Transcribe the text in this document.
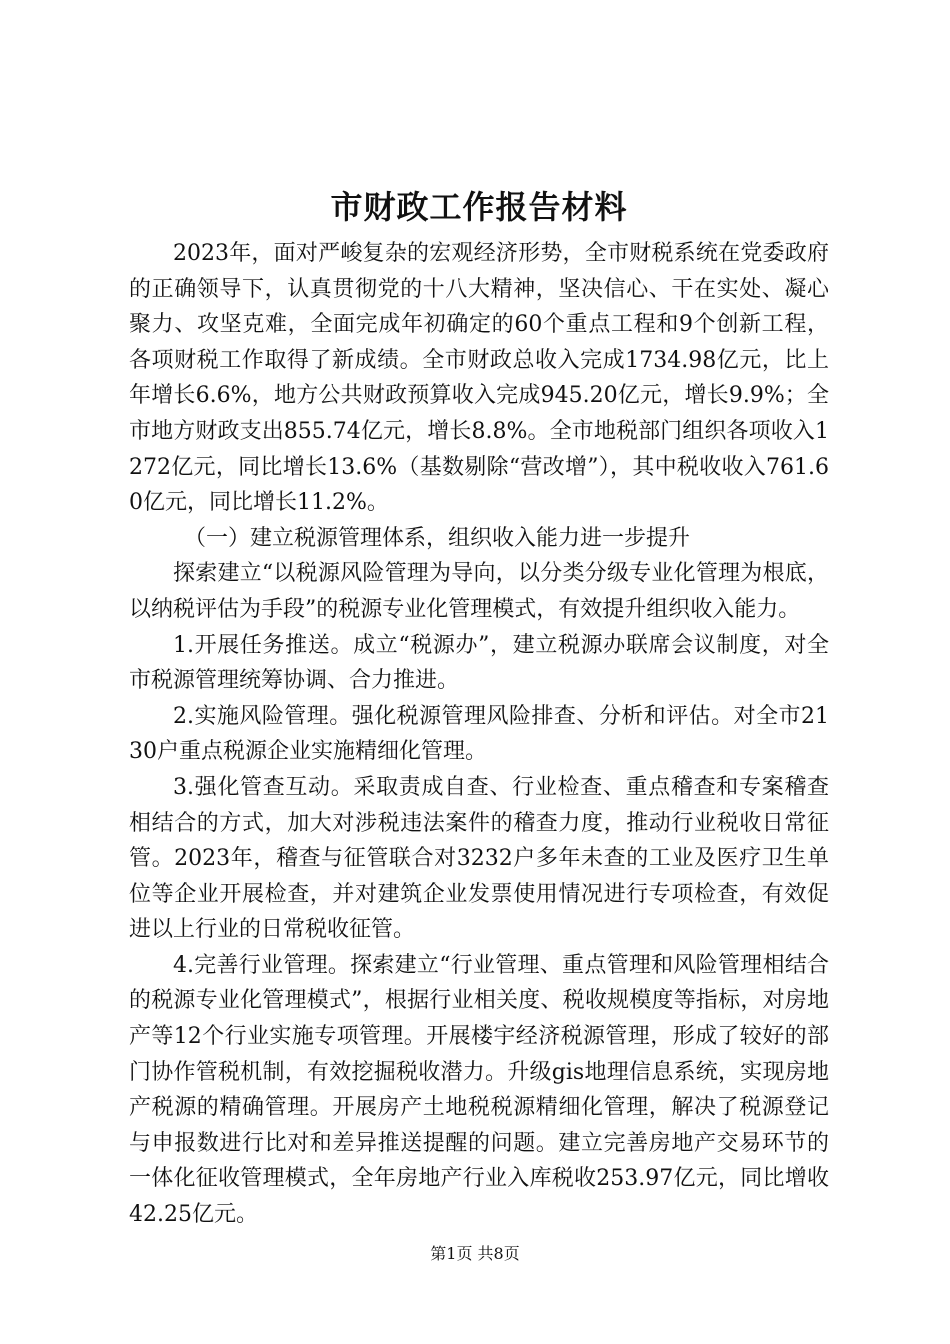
市财政工作报告材料

2023年，面对严峻复杂的宏观经济形势，全市财税系统在党委政府的正确领导下，认真贯彻党的十八大精神，坚决信心、干在实处、凝心聚力、攻坚克难，全面完成年初确定的60个重点工程和9个创新工程，各项财税工作取得了新成绩。全市财政总收入完成1734.98亿元，比上年增长6.6%，地方公共财政预算收入完成945.20亿元，增长9.9%；全市地方财政支出855.74亿元，增长8.8%。全市地税部门组织各项收入1272亿元，同比增长13.6%（基数剔除“营改增”），其中税收收入761.60亿元，同比增长11.2%。

（一）建立税源管理体系，组织收入能力进一步提升

探索建立“以税源风险管理为导向，以分类分级专业化管理为根底，以纳税评估为手段”的税源专业化管理模式，有效提升组织收入能力。

1.开展任务推送。成立“税源办”，建立税源办联席会议制度，对全市税源管理统筹协调、合力推进。

2.实施风险管理。强化税源管理风险排查、分析和评估。对全市2130户重点税源企业实施精细化管理。

3.强化管查互动。采取责成自查、行业检查、重点稽查和专案稽查相结合的方式，加大对涉税违法案件的稽查力度，推动行业税收日常征管。2023年，稽查与征管联合对3232户多年未查的工业及医疗卫生单位等企业开展检查，并对建筑企业发票使用情况进行专项检查，有效促进以上行业的日常税收征管。

4.完善行业管理。探索建立“行业管理、重点管理和风险管理相结合的税源专业化管理模式”，根据行业相关度、税收规模度等指标，对房地产等12个行业实施专项管理。开展楼宇经济税源管理，形成了较好的部门协作管税机制，有效挖掘税收潜力。升级gis地理信息系统，实现房地产税源的精确管理。开展房产土地税税源精细化管理，解决了税源登记与申报数进行比对和差异推送提醒的问题。建立完善房地产交易环节的一体化征收管理模式，全年房地产行业入库税收253.97亿元，同比增收42.25亿元。

第1页 共8页
